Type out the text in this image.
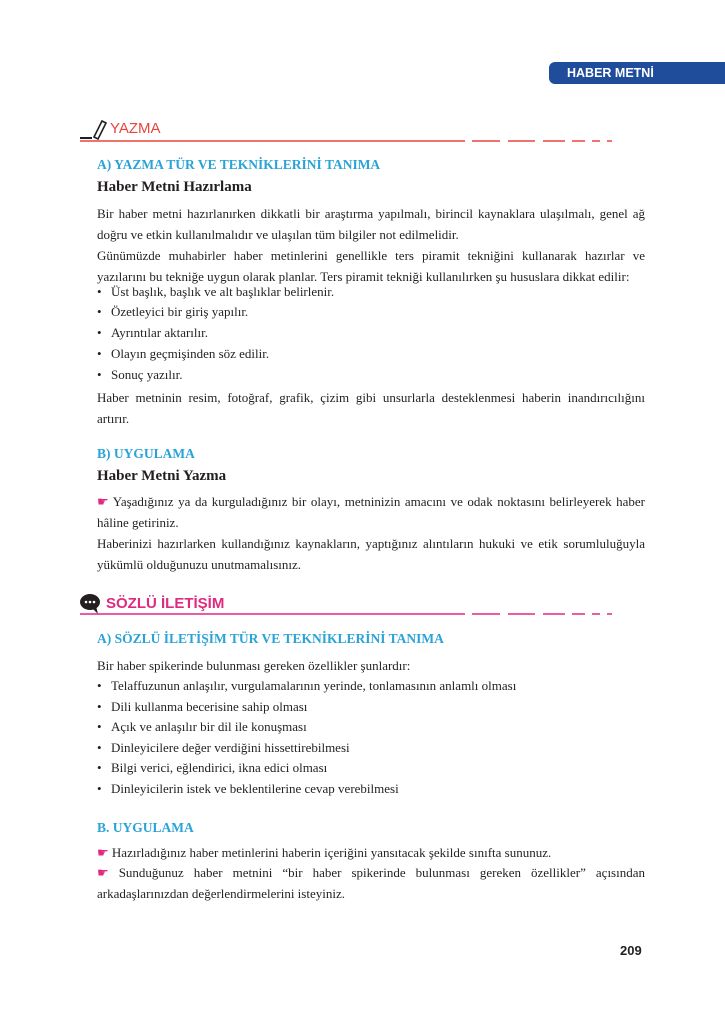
HABER METNİ
YAZMA
A) YAZMA TÜR VE TEKNİKLERİNİ TANIMA
Haber Metni Hazırlama
Bir haber metni hazırlanırken dikkatli bir araştırma yapılmalı, birincil kaynaklara ulaşılmalı, genel ağ doğru ve etkin kullanılmalıdır ve ulaşılan tüm bilgiler not edilmelidir.
Günümüzde muhabirler haber metinlerini genellikle ters piramit tekniğini kullanarak hazırlar ve yazılarını bu tekniğe uygun olarak planlar. Ters piramit tekniği kullanılırken şu hususlara dikkat edilir:
• Üst başlık, başlık ve alt başlıklar belirlenir.
• Özetleyici bir giriş yapılır.
• Ayrıntılar aktarılır.
• Olayın geçmişinden söz edilir.
• Sonuç yazılır.
Haber metninin resim, fotoğraf, grafik, çizim gibi unsurlarla desteklenmesi haberin inandırıcılığını artırır.
B) UYGULAMA
Haber Metni Yazma
☛ Yaşadığınız ya da kurguladığınız bir olayı, metninizin amacını ve odak noktasını belirleyerek haber hâline getiriniz.
Haberinizi hazırlarken kullandığınız kaynakların, yaptığınız alıntıların hukuki ve etik sorumluluğuyla yükümlü olduğunuzu unutmamalısınız.
SÖZLÜ İLETİŞİM
A) SÖZLÜ İLETİŞİM TÜR VE TEKNİKLERİNİ TANIMA
Bir haber spikerinde bulunması gereken özellikler şunlardır:
• Telaffuzunun anlaşılır, vurgulamalarının yerinde, tonlamasının anlamlı olması
• Dili kullanma becerisine sahip olması
• Açık ve anlaşılır bir dil ile konuşması
• Dinleyicilere değer verdiğini hissettirebilmesi
• Bilgi verici, eğlendirici, ikna edici olması
• Dinleyicilerin istek ve beklentilerine cevap verebilmesi
B. UYGULAMA
☛ Hazırladığınız haber metinlerini haberin içeriğini yansıtacak şekilde sınıfta sununuz.
☛ Sunduğunuz haber metnini “bir haber spikerinde bulunması gereken özellikler” açısından arkadaşlarınızdan değerlendirmelerini isteyiniz.
209
